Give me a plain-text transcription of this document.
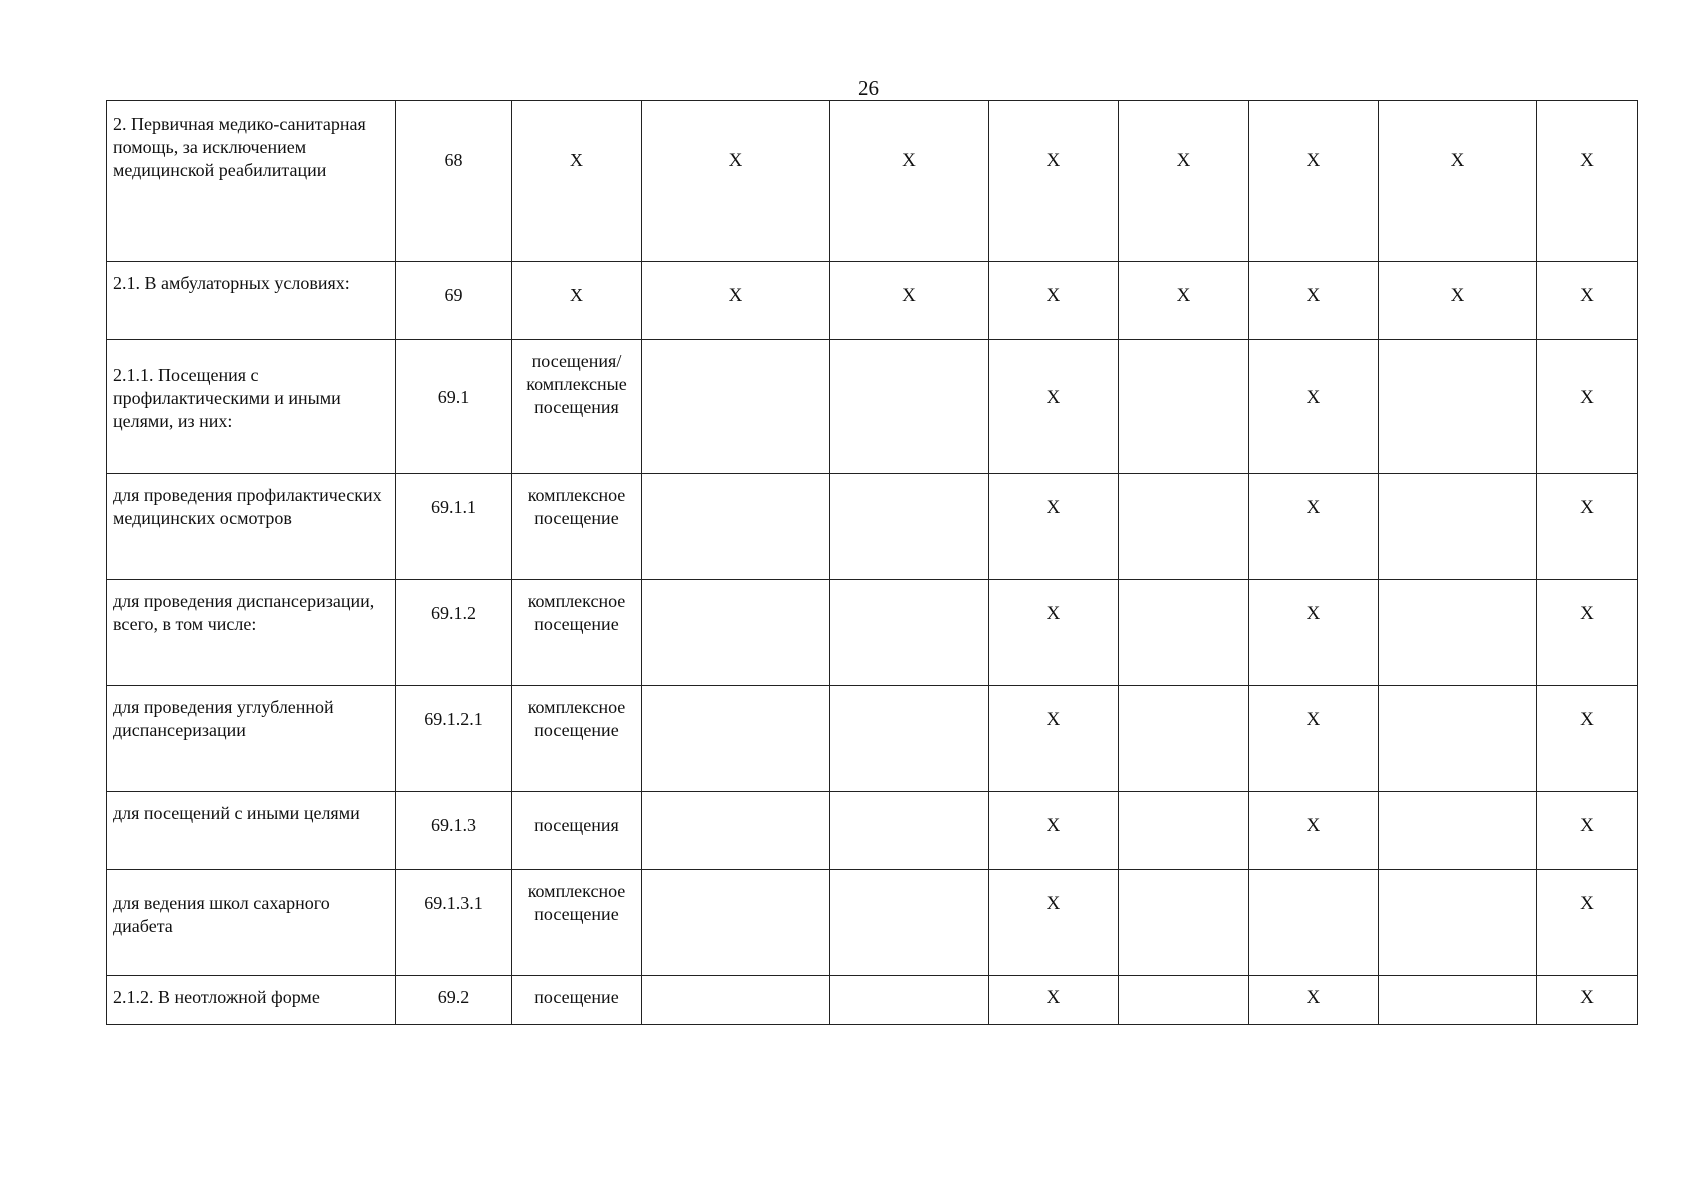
26
2. Первичная медико-санитарная помощь, за исключением медицинской реабилитации	68	Х	Х	Х	Х	Х	Х	Х	Х

2.1. В амбулаторных условиях:	69	Х	Х	Х	Х	Х	Х	Х	Х

2.1.1. Посещения с профилактическими и иными целями, из них:	69.1	посещения/ комплексные посещения			Х		Х		Х

для проведения профилактических медицинских осмотров	69.1.1	комплексное посещение			Х		Х		Х

для проведения диспансеризации, всего, в том числе:	69.1.2	комплексное посещение			Х		Х		Х

для проведения углубленной диспансеризации	69.1.2.1	комплексное посещение			Х		Х		Х

для посещений с иными целями	69.1.3	посещения			Х		Х		Х

для ведения школ сахарного диабета	69.1.3.1	комплексное посещение			Х				Х

2.1.2. В неотложной форме	69.2	посещение			Х		Х		Х
